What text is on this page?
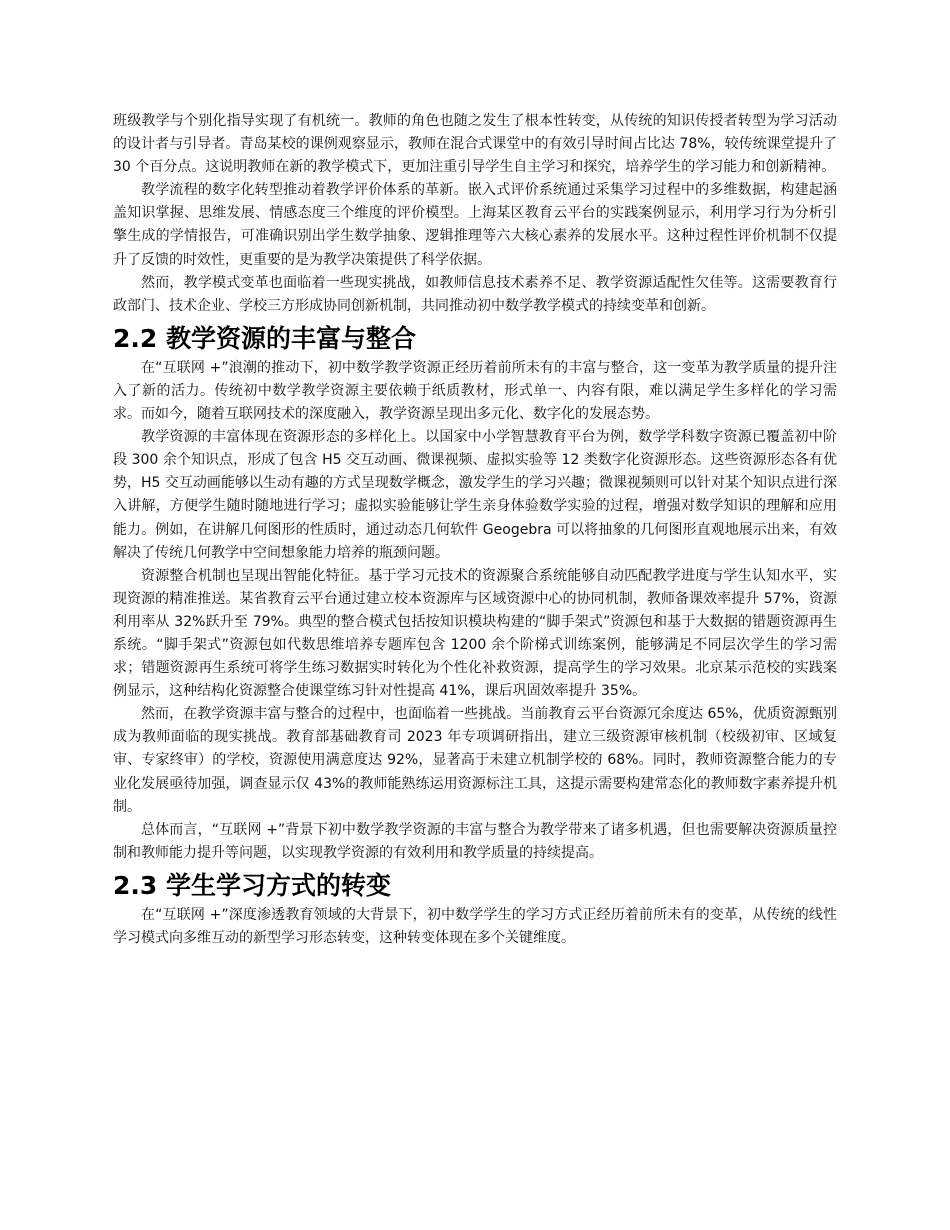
班级教学与个别化指导实现了有机统一。教师的角色也随之发生了根本性转变，从传统的知识传授者转型为学习活动的设计者与引导者。青岛某校的课例观察显示，教师在混合式课堂中的有效引导时间占比达 78%，较传统课堂提升了 30 个百分点。这说明教师在新的教学模式下，更加注重引导学生自主学习和探究，培养学生的学习能力和创新精神。

教学流程的数字化转型推动着教学评价体系的革新。嵌入式评价系统通过采集学习过程中的多维数据，构建起涵盖知识掌握、思维发展、情感态度三个维度的评价模型。上海某区教育云平台的实践案例显示，利用学习行为分析引擎生成的学情报告，可准确识别出学生数学抽象、逻辑推理等六大核心素养的发展水平。这种过程性评价机制不仅提升了反馈的时效性，更重要的是为教学决策提供了科学依据。

然而，教学模式变革也面临着一些现实挑战，如教师信息技术素养不足、教学资源适配性欠佳等。这需要教育行政部门、技术企业、学校三方形成协同创新机制，共同推动初中数学教学模式的持续变革和创新。

2.2 教学资源的丰富与整合

在“互联网 +”浪潮的推动下，初中数学教学资源正经历着前所未有的丰富与整合，这一变革为教学质量的提升注入了新的活力。传统初中数学教学资源主要依赖于纸质教材，形式单一、内容有限，难以满足学生多样化的学习需求。而如今，随着互联网技术的深度融入，教学资源呈现出多元化、数字化的发展态势。

教学资源的丰富体现在资源形态的多样化上。以国家中小学智慧教育平台为例，数学学科数字资源已覆盖初中阶段 300 余个知识点，形成了包含 H5 交互动画、微课视频、虚拟实验等 12 类数字化资源形态。这些资源形态各有优势，H5 交互动画能够以生动有趣的方式呈现数学概念，激发学生的学习兴趣；微课视频则可以针对某个知识点进行深入讲解，方便学生随时随地进行学习；虚拟实验能够让学生亲身体验数学实验的过程，增强对数学知识的理解和应用能力。例如，在讲解几何图形的性质时，通过动态几何软件 Geogebra 可以将抽象的几何图形直观地展示出来，有效解决了传统几何教学中空间想象能力培养的瓶颈问题。

资源整合机制也呈现出智能化特征。基于学习元技术的资源聚合系统能够自动匹配教学进度与学生认知水平，实现资源的精准推送。某省教育云平台通过建立校本资源库与区域资源中心的协同机制，教师备课效率提升 57%，资源利用率从 32%跃升至 79%。典型的整合模式包括按知识模块构建的“脚手架式”资源包和基于大数据的错题资源再生系统。“脚手架式”资源包如代数思维培养专题库包含 1200 余个阶梯式训练案例，能够满足不同层次学生的学习需求；错题资源再生系统可将学生练习数据实时转化为个性化补救资源，提高学生的学习效果。北京某示范校的实践案例显示，这种结构化资源整合使课堂练习针对性提高 41%，课后巩固效率提升 35%。

然而，在教学资源丰富与整合的过程中，也面临着一些挑战。当前教育云平台资源冗余度达 65%，优质资源甄别成为教师面临的现实挑战。教育部基础教育司 2023 年专项调研指出，建立三级资源审核机制（校级初审、区域复审、专家终审）的学校，资源使用满意度达 92%，显著高于未建立机制学校的 68%。同时，教师资源整合能力的专业化发展亟待加强，调查显示仅 43%的教师能熟练运用资源标注工具，这提示需要构建常态化的教师数字素养提升机制。

总体而言，“互联网 +”背景下初中数学教学资源的丰富与整合为教学带来了诸多机遇，但也需要解决资源质量控制和教师能力提升等问题，以实现教学资源的有效利用和教学质量的持续提高。

2.3 学生学习方式的转变

在“互联网 +”深度渗透教育领域的大背景下，初中数学学生的学习方式正经历着前所未有的变革，从传统的线性学习模式向多维互动的新型学习形态转变，这种转变体现在多个关键维度。
